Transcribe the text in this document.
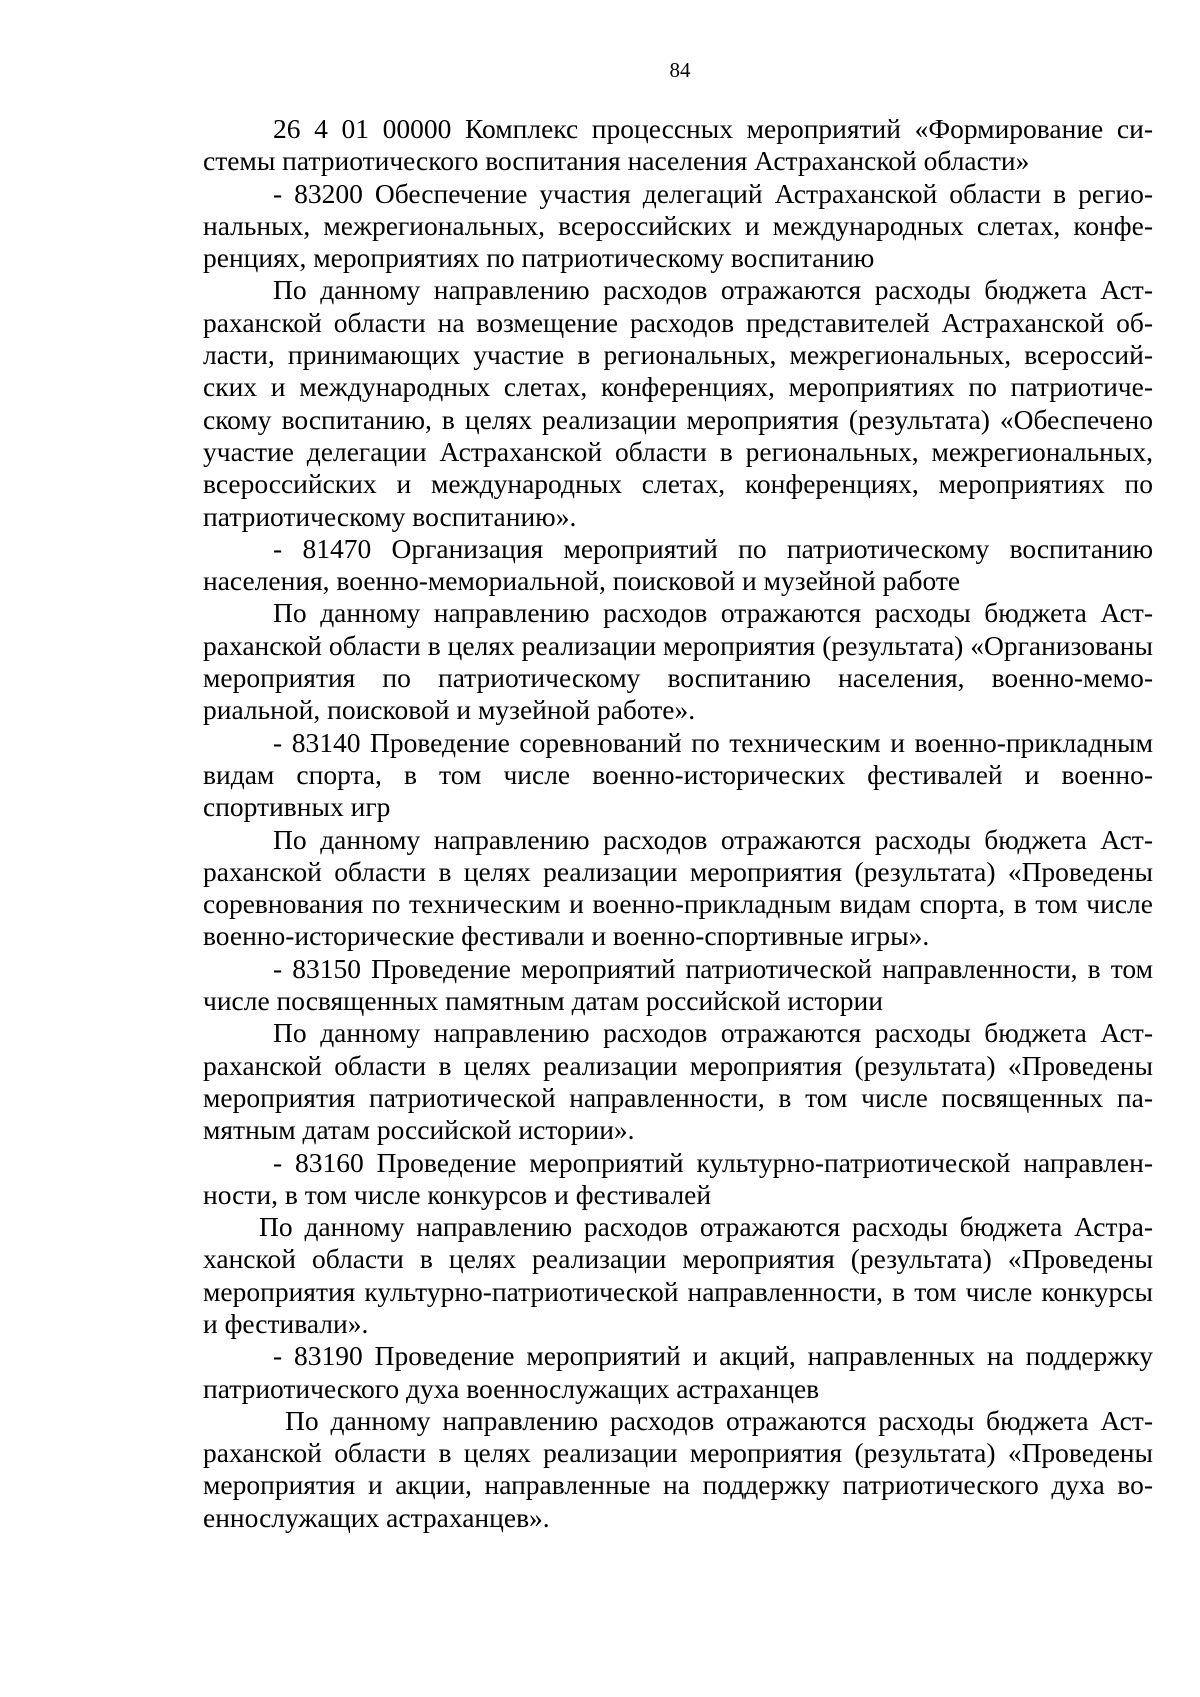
84

26 4 01 00000 Комплекс процессных мероприятий «Формирование системы патриотического воспитания населения Астраханской области»

- 83200 Обеспечение участия делегаций Астраханской области в региональных, межрегиональных, всероссийских и международных слетах, конференциях, мероприятиях по патриотическому воспитанию

По данному направлению расходов отражаются расходы бюджета Астраханской области на возмещение расходов представителей Астраханской области, принимающих участие в региональных, межрегиональных, всероссийских и международных слетах, конференциях, мероприятиях по патриотическому воспитанию, в целях реализации мероприятия (результата) «Обеспечено участие делегации Астраханской области в региональных, межрегиональных, всероссийских и международных слетах, конференциях, мероприятиях по патриотическому воспитанию».

- 81470 Организация мероприятий по патриотическому воспитанию населения, военно-мемориальной, поисковой и музейной работе

По данному направлению расходов отражаются расходы бюджета Астраханской области в целях реализации мероприятия (результата) «Организованы мероприятия по патриотическому воспитанию населения, военно-мемориальной, поисковой и музейной работе».

- 83140 Проведение соревнований по техническим и военно-прикладным видам спорта, в том числе военно-исторических фестивалей и военно-спортивных игр

По данному направлению расходов отражаются расходы бюджета Астраханской области в целях реализации мероприятия (результата) «Проведены соревнования по техническим и военно-прикладным видам спорта, в том числе военно-исторические фестивали и военно-спортивные игры».

- 83150 Проведение мероприятий патриотической направленности, в том числе посвященных памятным датам российской истории

По данному направлению расходов отражаются расходы бюджета Астраханской области в целях реализации мероприятия (результата) «Проведены мероприятия патриотической направленности, в том числе посвященных памятным датам российской истории».

- 83160 Проведение мероприятий культурно-патриотической направленности, в том числе конкурсов и фестивалей

По данному направлению расходов отражаются расходы бюджета Астраханской области в целях реализации мероприятия (результата) «Проведены мероприятия культурно-патриотической направленности, в том числе конкурсы и фестивали».

- 83190 Проведение мероприятий и акций, направленных на поддержку патриотического духа военнослужащих астраханцев

По данному направлению расходов отражаются расходы бюджета Астраханской области в целях реализации мероприятия (результата) «Проведены мероприятия и акции, направленные на поддержку патриотического духа военнослужащих астраханцев».
